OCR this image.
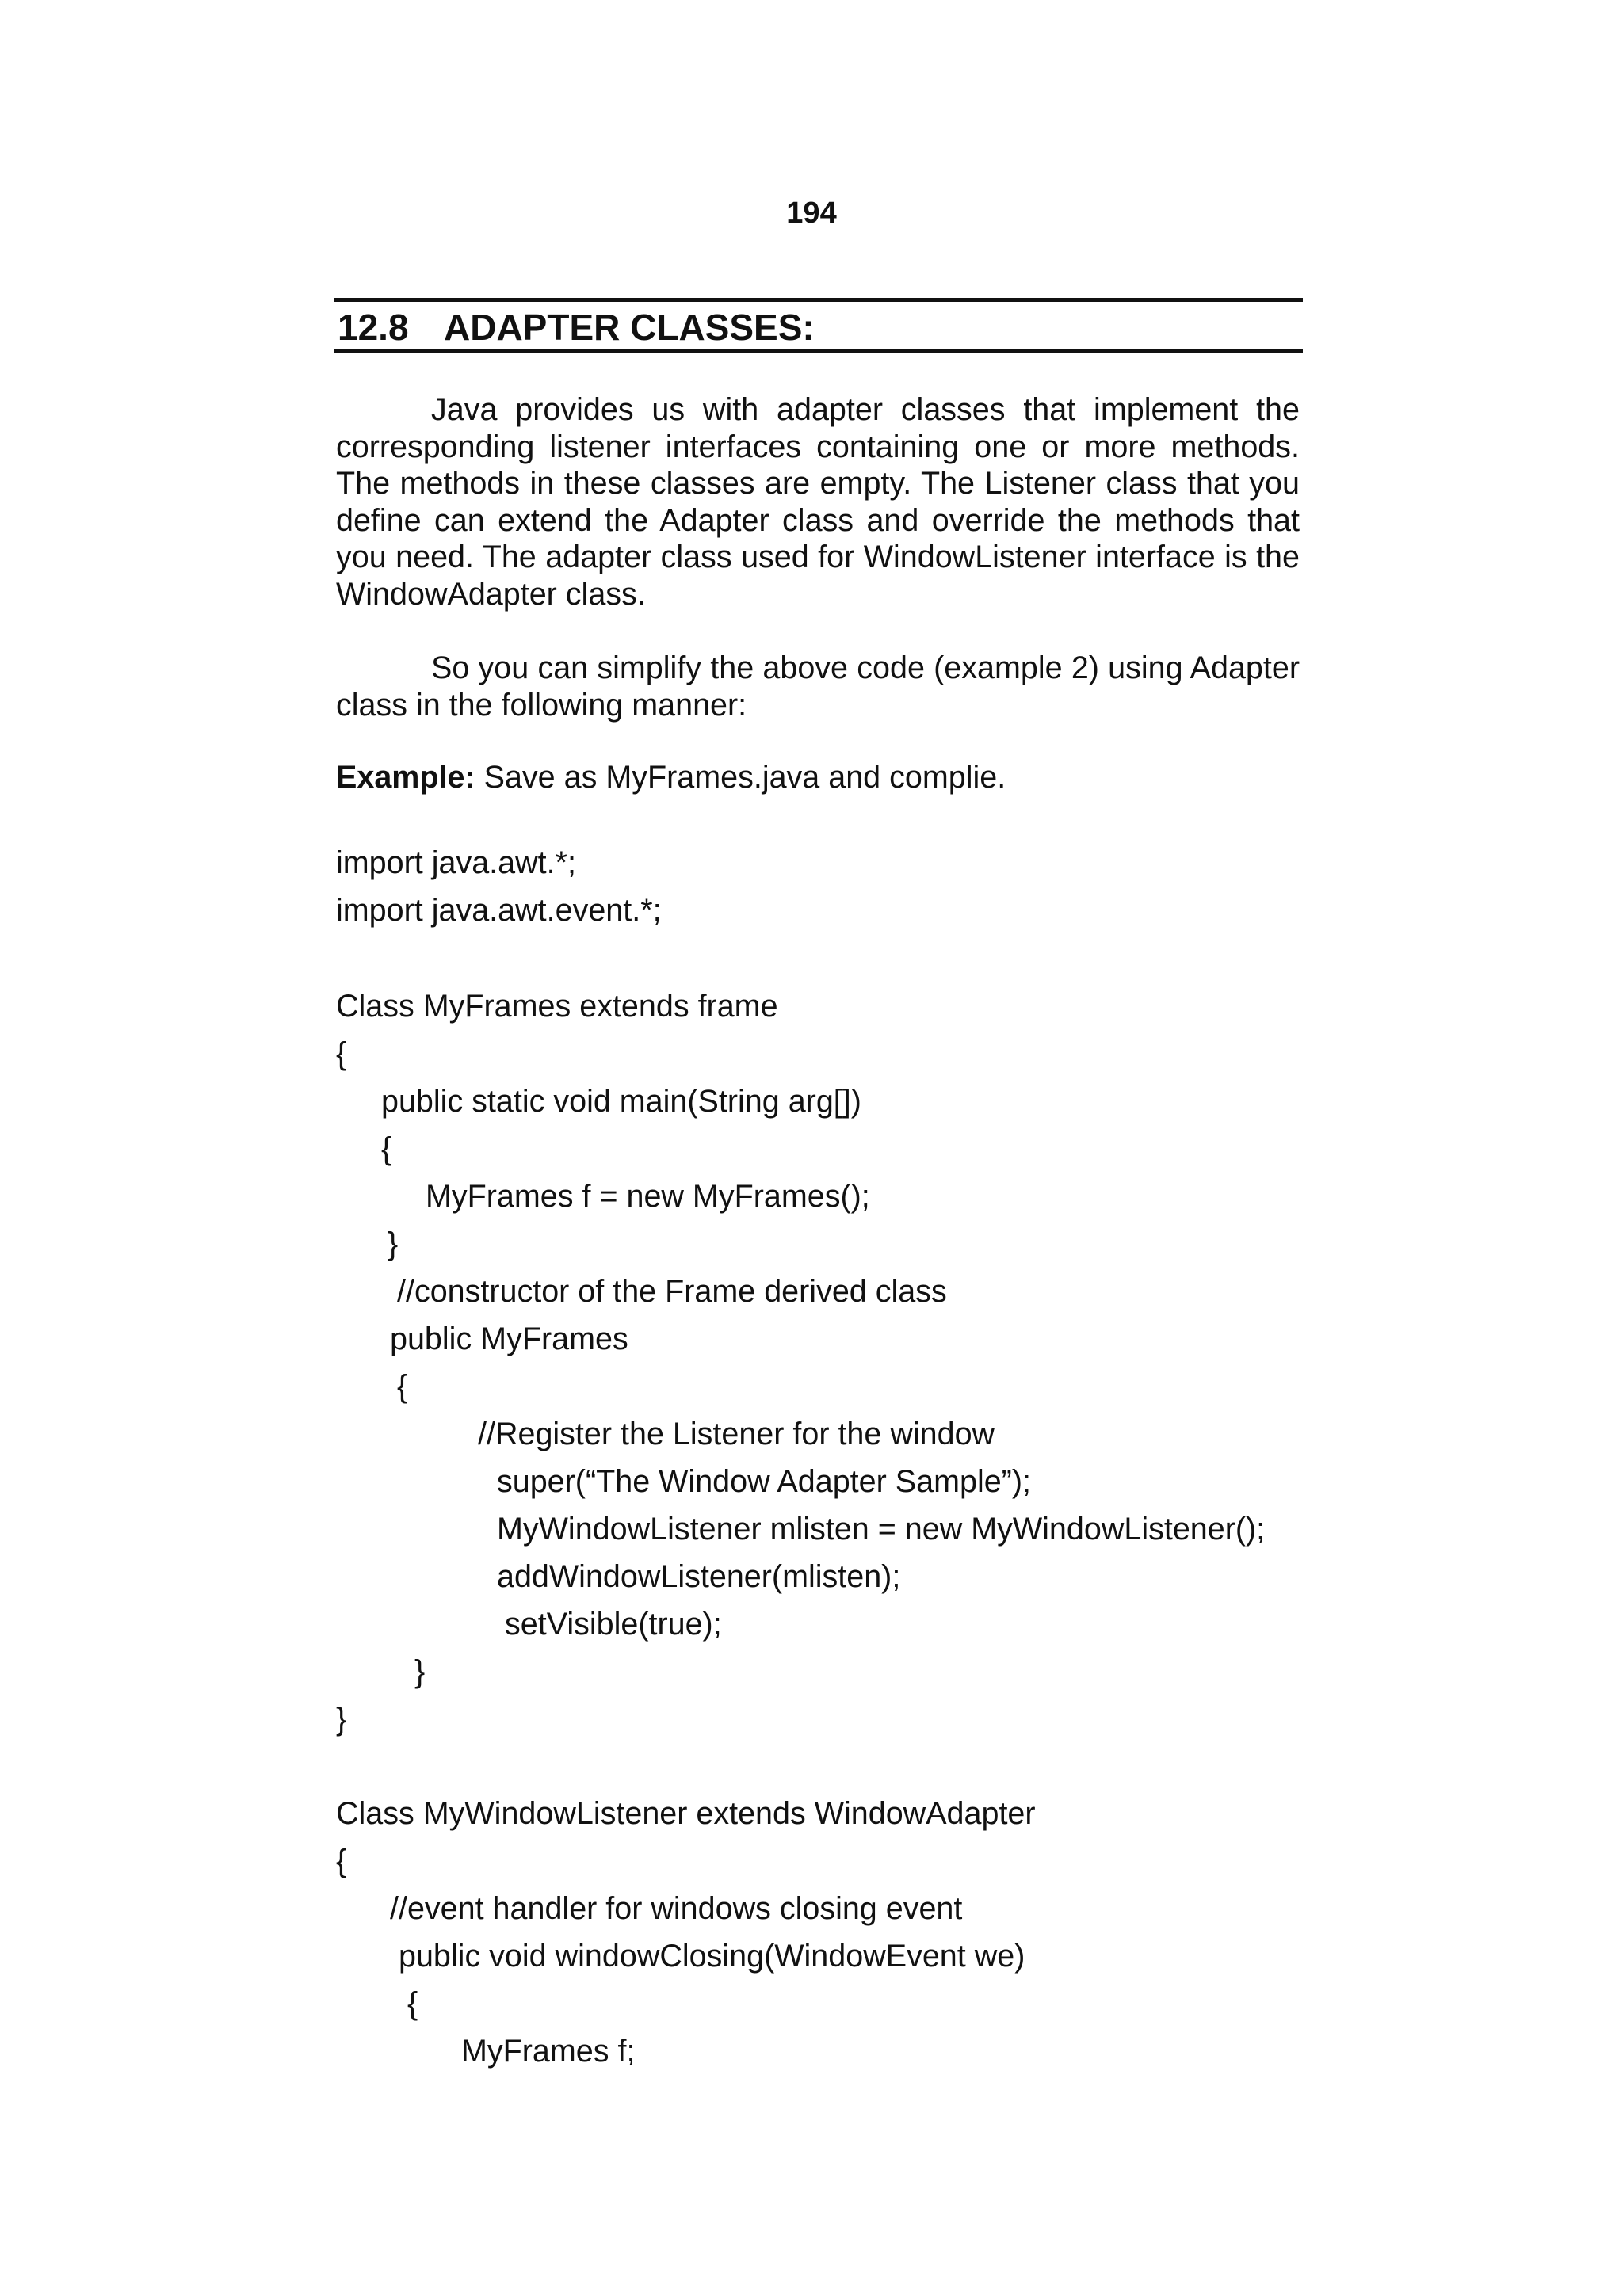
194
12.8 ADAPTER CLASSES:

Java provides us with adapter classes that implement the corresponding listener interfaces containing one or more methods. The methods in these classes are empty. The Listener class that you define can extend the Adapter class and override the methods that you need. The adapter class used for WindowListener interface is the WindowAdapter class.

So you can simplify the above code (example 2) using Adapter class in the following manner:

Example: Save as MyFrames.java and complie.
import java.awt.*;
import java.awt.event.*;
Class MyFrames extends frame
{
public static void main(String arg[])
{
MyFrames f = new MyFrames();
}
//constructor of the Frame derived class
public MyFrames
{
//Register the Listener for the window
super(“The Window Adapter Sample”);
MyWindowListener mlisten = new MyWindowListener();
addWindowListener(mlisten);
setVisible(true);
}
}
Class MyWindowListener extends WindowAdapter
{
//event handler for windows closing event
public void windowClosing(WindowEvent we)
{
MyFrames f;
